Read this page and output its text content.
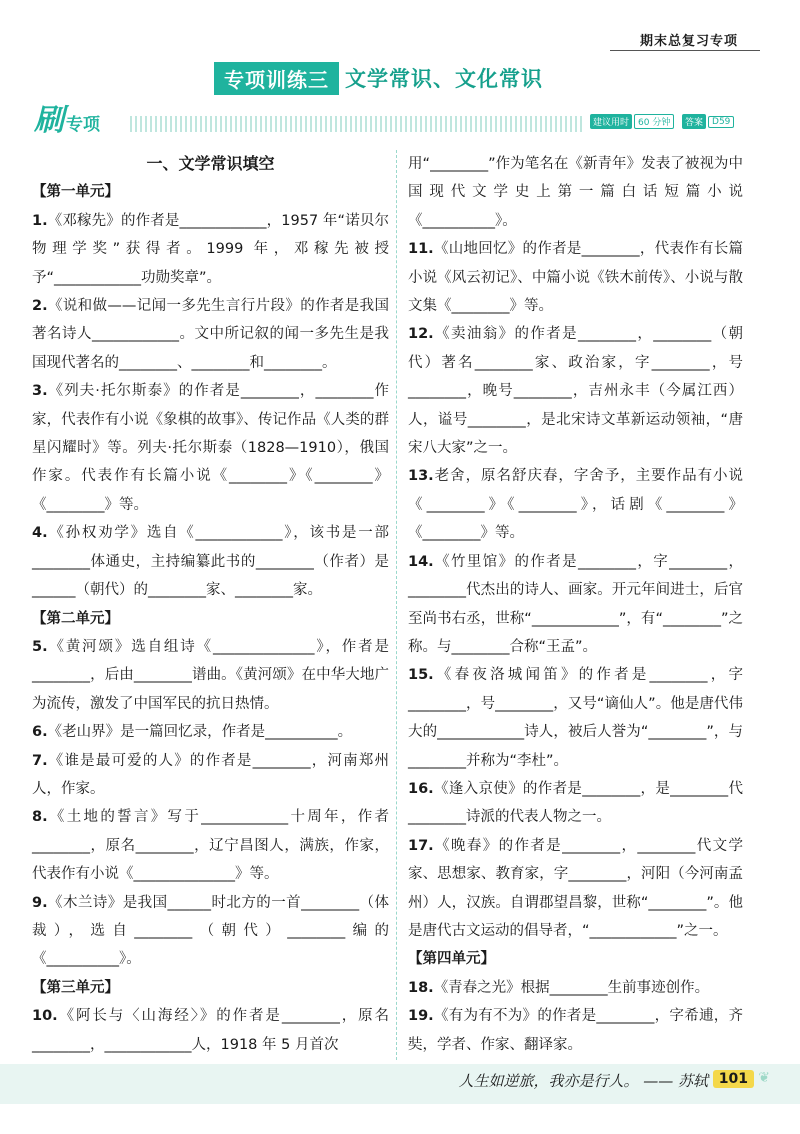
期末总复习专项
专项训练三 文学常识、文化常识
刷 专项	建议用时	60 分钟	答案	D59
一、文学常识填空
【第一单元】
1.《邓稼先》的作者是____________，1957 年“诺贝尔物理学奖”获得者。1999 年，邓稼先被授予“____________功勋奖章”。
2.《说和做——记闻一多先生言行片段》的作者是我国著名诗人____________。文中所记叙的闻一多先生是我国现代著名的________、________和________。
3.《列夫·托尔斯泰》的作者是________，________作家，代表作有小说《象棋的故事》、传记作品《人类的群星闪耀时》等。列夫·托尔斯泰（1828—1910），俄国作家。代表作有长篇小说《________》《________》《________》等。
4.《孙权劝学》选自《____________》，该书是一部________体通史，主持编纂此书的________（作者）是______（朝代）的________家、________家。
【第二单元】
5.《黄河颂》选自组诗《______________》，作者是________，后由________谱曲。《黄河颂》在中华大地广为流传，激发了中国军民的抗日热情。
6.《老山界》是一篇回忆录，作者是__________。
7.《谁是最可爱的人》的作者是________，河南郑州人，作家。
8.《土地的誓言》写于____________十周年，作者________，原名________，辽宁昌图人，满族，作家，代表作有小说《______________》等。
9.《木兰诗》是我国______时北方的一首________（体裁），选自________（朝代）________编的《__________》。
【第三单元】
10.《阿长与〈山海经〉》的作者是________，原名________，____________人，1918 年 5 月首次
用“________”作为笔名在《新青年》发表了被视为中国现代文学史上第一篇白话短篇小说《__________》。
11.《山地回忆》的作者是________，代表作有长篇小说《风云初记》、中篇小说《铁木前传》、小说与散文集《________》等。
12.《卖油翁》的作者是________，________（朝代）著名________家、政治家，字________，号________，晚号________，吉州永丰（今属江西）人，谥号________，是北宋诗文革新运动领袖，“唐宋八大家”之一。
13.老舍，原名舒庆春，字舍予，主要作品有小说《________》《________》，话剧《________》《________》等。
14.《竹里馆》的作者是________，字________，________代杰出的诗人、画家。开元年间进士，后官至尚书右丞，世称“____________”，有“________”之称。与________合称“王孟”。
15.《春夜洛城闻笛》的作者是________，字________，号________，又号“谪仙人”。他是唐代伟大的____________诗人，被后人誉为“________”，与________并称为“李杜”。
16.《逢入京使》的作者是________，是________代________诗派的代表人物之一。
17.《晚春》的作者是________，________代文学家、思想家、教育家，字________，河阳（今河南孟州）人，汉族。自谓郡望昌黎，世称“________”。他是唐代古文运动的倡导者，“____________”之一。
【第四单元】
18.《青春之光》根据________生前事迹创作。
19.《有为有不为》的作者是________，字希逋，齐奘，学者、作家、翻译家。
人生如逆旅，我亦是行人。 —— 苏轼 101 ❦
